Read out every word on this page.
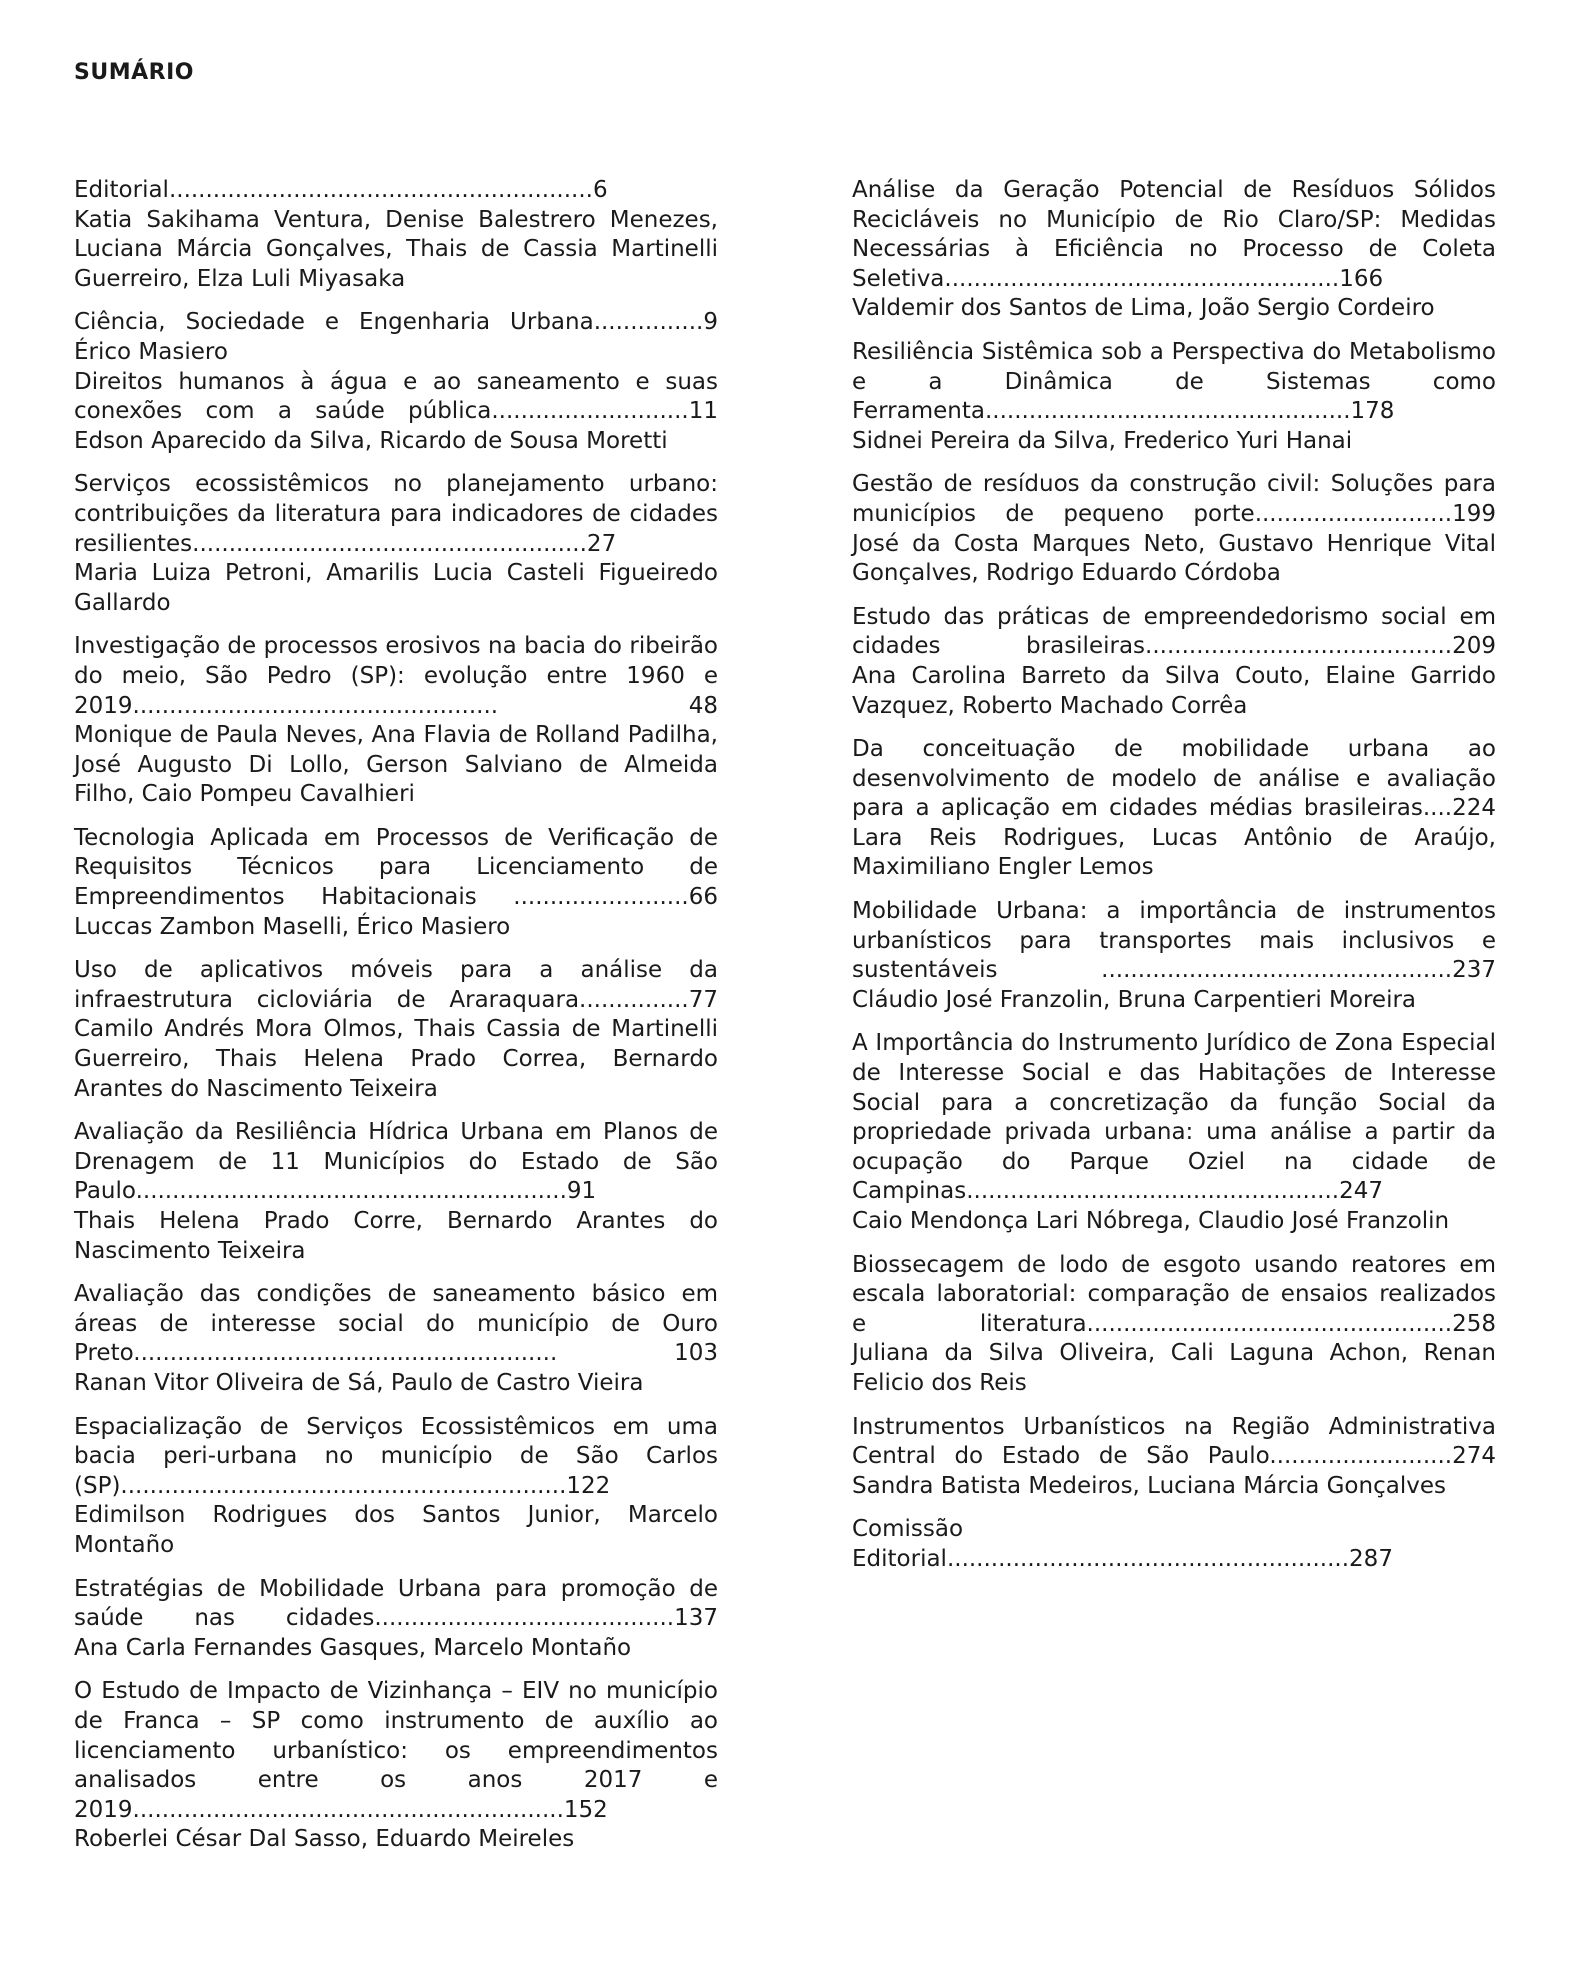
SUMÁRIO
Editorial..........................................................6
Katia Sakihama Ventura, Denise Balestrero Menezes, Luciana Márcia Gonçalves, Thais de Cassia Martinelli Guerreiro, Elza Luli Miyasaka
Ciência, Sociedade e Engenharia Urbana...............9
Érico Masiero
Direitos humanos à água e ao saneamento e suas conexões com a saúde pública...........................11
Edson Aparecido da Silva, Ricardo de Sousa Moretti
Serviços ecossistêmicos no planejamento urbano: contribuições da literatura para indicadores de cidades resilientes......................................................27
Maria Luiza Petroni, Amarilis Lucia Casteli Figueiredo Gallardo
Investigação de processos erosivos na bacia do ribeirão do meio, São Pedro (SP): evolução entre 1960 e 2019.................................................. 48
Monique de Paula Neves, Ana Flavia de Rolland Padilha, José Augusto Di Lollo, Gerson Salviano de Almeida Filho, Caio Pompeu Cavalhieri
Tecnologia Aplicada em Processos de Verificação de Requisitos Técnicos para Licenciamento de Empreendimentos Habitacionais ........................66
Luccas Zambon Maselli, Érico Masiero
Uso de aplicativos móveis para a análise da infraestrutura cicloviária de Araraquara...............77
Camilo Andrés Mora Olmos, Thais Cassia de Martinelli Guerreiro, Thais Helena Prado Correa, Bernardo Arantes do Nascimento Teixeira
Avaliação da Resiliência Hídrica Urbana em Planos de Drenagem de 11 Municípios do Estado de São Paulo...........................................................91
Thais Helena Prado Corre, Bernardo Arantes do Nascimento Teixeira
Avaliação das condições de saneamento básico em áreas de interesse social do município de Ouro Preto.......................................................... 103
Ranan Vitor Oliveira de Sá, Paulo de Castro Vieira
Espacialização de Serviços Ecossistêmicos em uma bacia peri-urbana no município de São Carlos (SP).............................................................122
Edimilson Rodrigues dos Santos Junior, Marcelo Montaño
Estratégias de Mobilidade Urbana para promoção de saúde nas cidades.........................................137
Ana Carla Fernandes Gasques, Marcelo Montaño
O Estudo de Impacto de Vizinhança – EIV no município de Franca – SP como instrumento de auxílio ao licenciamento urbanístico: os empreendimentos analisados entre os anos 2017 e 2019...........................................................152
Roberlei César Dal Sasso, Eduardo Meireles
Análise da Geração Potencial de Resíduos Sólidos Recicláveis no Município de Rio Claro/SP: Medidas Necessárias à Eficiência no Processo de Coleta Seletiva......................................................166
Valdemir dos Santos de Lima, João Sergio Cordeiro
Resiliência Sistêmica sob a Perspectiva do Metabolismo e a Dinâmica de Sistemas como Ferramenta..................................................178
Sidnei Pereira da Silva, Frederico Yuri Hanai
Gestão de resíduos da construção civil: Soluções para municípios de pequeno porte...........................199
José da Costa Marques Neto, Gustavo Henrique Vital Gonçalves, Rodrigo Eduardo Córdoba
Estudo das práticas de empreendedorismo social em cidades brasileiras..........................................209
Ana Carolina Barreto da Silva Couto, Elaine Garrido Vazquez, Roberto Machado Corrêa
Da conceituação de mobilidade urbana ao desenvolvimento de modelo de análise e avaliação para a aplicação em cidades médias brasileiras....224
Lara Reis Rodrigues, Lucas Antônio de Araújo, Maximiliano Engler Lemos
Mobilidade Urbana: a importância de instrumentos urbanísticos para transportes mais inclusivos e sustentáveis ................................................237
Cláudio José Franzolin, Bruna Carpentieri Moreira
A Importância do Instrumento Jurídico de Zona Especial de Interesse Social e das Habitações de Interesse Social para a concretização da função Social da propriedade privada urbana: uma análise a partir da ocupação do Parque Oziel na cidade de Campinas...................................................247
Caio Mendonça Lari Nóbrega, Claudio José Franzolin
Biossecagem de lodo de esgoto usando reatores em escala laboratorial: comparação de ensaios realizados e literatura..................................................258
Juliana da Silva Oliveira, Cali Laguna Achon, Renan Felicio dos Reis
Instrumentos Urbanísticos na Região Administrativa Central do Estado de São Paulo.........................274
Sandra Batista Medeiros, Luciana Márcia Gonçalves
Comissão Editorial.......................................................287
